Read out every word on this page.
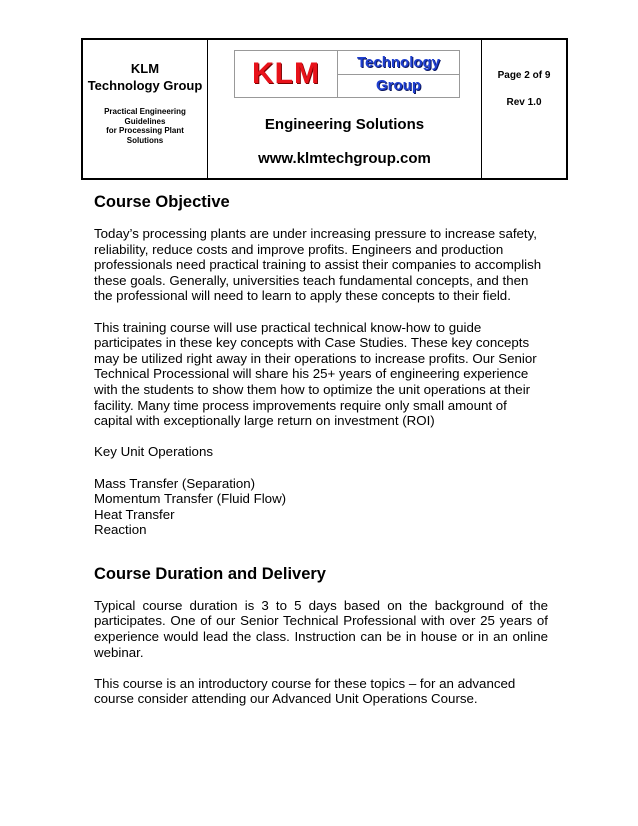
KLM
Technology Group
Practical Engineering
Guidelines
for Processing Plant
Solutions
KLM	Technology
Group
Engineering Solutions
www.klmtechgroup.com
Page 2 of 9
Rev 1.0
Course Objective

Today’s processing plants are under increasing pressure to increase safety, reliability, reduce costs and improve profits. Engineers and production professionals need practical training to assist their companies to accomplish these goals. Generally, universities teach fundamental concepts, and then the professional will need to learn to apply these concepts to their field.

This training course will use practical technical know-how to guide participates in these key concepts with Case Studies. These key concepts may be utilized right away in their operations to increase profits. Our Senior Technical Processional will share his 25+ years of engineering experience with the students to show them how to optimize the unit operations at their facility. Many time process improvements require only small amount of capital with exceptionally large return on investment (ROI)

Key Unit Operations

Mass Transfer (Separation)
Momentum Transfer (Fluid Flow)
Heat Transfer
Reaction
Course Duration and Delivery

Typical course duration is 3 to 5 days based on the background of the participates. One of our Senior Technical Professional with over 25 years of experience would lead the class. Instruction can be in house or in an online webinar.

This course is an introductory course for these topics – for an advanced course consider attending our Advanced Unit Operations Course.
